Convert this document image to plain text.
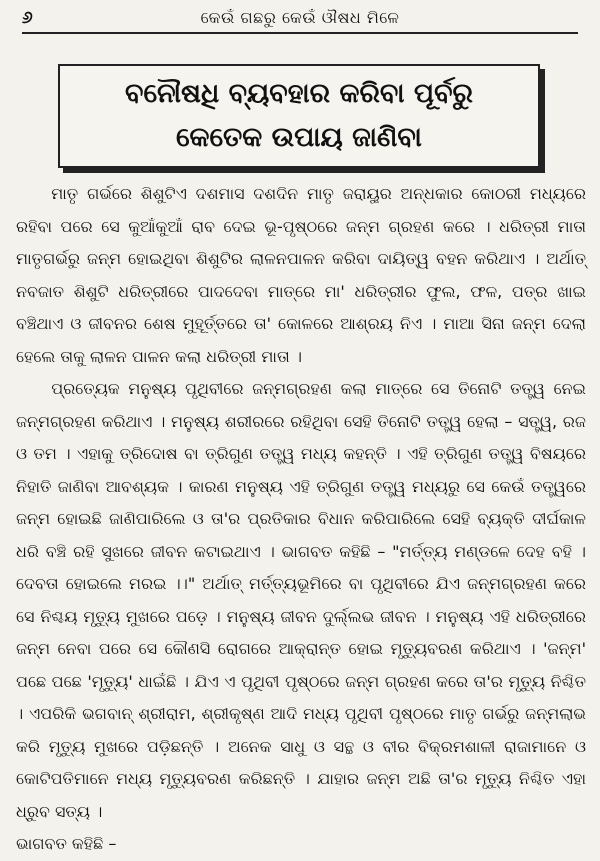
୬	କେଉଁ ଗଛରୁ କେଉଁ ଔଷଧ ମିଳେ
ବନୌଷଧି ବ୍ୟବହାର କରିବା ପୂର୍ବରୁ
କେତେକ ଉପାୟ ଜାଣିବା

ମାତୃ ଗର୍ଭରେ ଶିଶୁଟିଏ ଦଶମାସ ଦଶଦିନ ମାତୃ ଜରାୟୁର ଅନ୍ଧକାର କୋଠରୀ ମଧ୍ୟରେ ରହିବା ପରେ ସେ କୁଆଁକୁଆଁ ରାବ ଦେଇ ଭୂ-ପୃଷ୍ଠରେ ଜନ୍ମ ଗ୍ରହଣ କରେ । ଧରିତ୍ରୀ ମାତା ମାତୃଗର୍ଭରୁ ଜନ୍ମ ହୋଇଥିବା ଶିଶୁଟିର ଲାଳନପାଳନ କରିବା ଦାୟିତ୍ୱ ବହନ କରିଥାଏ । ଅର୍ଥାତ୍ ନବଜାତ ଶିଶୁଟି ଧରିତ୍ରୀରେ ପାଦଦେବା ମାତ୍ରେ ମା' ଧରିତ୍ରୀର ଫୁଲ, ଫଳ, ପତ୍ର ଖାଇ ବଞ୍ଚିଥାଏ ଓ ଜୀବନର ଶେଷ ମୁହୂର୍ତ୍ତରେ ତା' କୋଳରେ ଆଶ୍ରୟ ନିଏ । ମାଆ ସିନା ଜନ୍ମ ଦେଲା ହେଲେ ତାକୁ ଲାଳନ ପାଳନ କଲା ଧରିତ୍ରୀ ମାତା ।

ପ୍ରତ୍ୟେକ ମନୁଷ୍ୟ ପୃଥିବୀରେ ଜନ୍ମଗ୍ରହଣ କଲା ମାତ୍ରେ ସେ ତିନୋଟି ତତ୍ତ୍ୱ ନେଇ ଜନ୍ମଗ୍ରହଣ କରିଥାଏ । ମନୁଷ୍ୟ ଶରୀରରେ ରହିଥିବା ସେହି ତିନୋଟି ତତ୍ତ୍ୱ ହେଲା – ସତ୍ତ୍ୱ, ରଜ ଓ ତମ । ଏହାକୁ ତ୍ରିଦୋଷ ବା ତ୍ରିଗୁଣ ତତ୍ତ୍ୱ ମଧ୍ୟ କହନ୍ତି । ଏହି ତ୍ରିଗୁଣ ତତ୍ତ୍ୱ ବିଷୟରେ ନିହାତି ଜାଣିବା ଆବଶ୍ୟକ । କାରଣ ମନୁଷ୍ୟ ଏହି ତ୍ରିଗୁଣ ତତ୍ତ୍ୱ ମଧ୍ୟରୁ ସେ କେଉଁ ତତ୍ତ୍ୱରେ ଜନ୍ମ ହୋଇଛି ଜାଣିପାରିଲେ ଓ ତା'ର ପ୍ରତିକାର ବିଧାନ କରିପାରିଲେ ସେହି ବ୍ୟକ୍ତି ଦୀର୍ଘକାଳ ଧରି ବଞ୍ଚି ରହି ସୁଖରେ ଜୀବନ କଟାଇଥାଏ । ଭାଗବତ କହିଛି – "ମର୍ତ୍ତ୍ୟ ମଣ୍ଡଳେ ଦେହ ବହି । ଦେବତା ହୋଇଲେ ମରଇ ।।" ଅର୍ଥାତ୍ ମର୍ତ୍ତ୍ୟଭୂମିରେ ବା ପୃଥିବୀରେ ଯିଏ ଜନ୍ମଗ୍ରହଣ କରେ ସେ ନିଶ୍ଚୟ ମୃତ୍ୟୁ ମୁଖରେ ପଡ଼େ । ମନୁଷ୍ୟ ଜୀବନ ଦୁର୍ଲ୍ଲଭ ଜୀବନ । ମନୁଷ୍ୟ ଏହି ଧରିତ୍ରୀରେ ଜନ୍ମ ନେବା ପରେ ସେ କୌଣସି ରୋଗରେ ଆକ୍ରାନ୍ତ ହୋଇ ମୃତ୍ୟୁବରଣ କରିଥାଏ । 'ଜନ୍ମ' ପଛେ ପଛେ 'ମୃତ୍ୟୁ' ଧାଇଁଛି । ଯିଏ ଏ ପୃଥିବୀ ପୃଷ୍ଠରେ ଜନ୍ମ ଗ୍ରହଣ କରେ ତା'ର ମୃତ୍ୟୁ ନିଶ୍ଚିତ । ଏପରିକି ଭଗବାନ୍ ଶ୍ରୀରାମ, ଶ୍ରୀକୃଷ୍ଣ ଆଦି ମଧ୍ୟ ପୃଥିବୀ ପୃଷ୍ଠରେ ମାତୃ ଗର୍ଭରୁ ଜନ୍ମଲାଭ କରି ମୃତ୍ୟୁ ମୁଖରେ ପଡ଼ିଛନ୍ତି । ଅନେକ ସାଧୁ ଓ ସନ୍ଥ ଓ ବୀର ବିକ୍ରମଶାଳୀ ରାଜାମାନେ ଓ କୋଟିପତିମାନେ ମଧ୍ୟ ମୃତ୍ୟୁବରଣ କରିଛନ୍ତି । ଯାହାର ଜନ୍ମ ଅଛି ତା'ର ମୃତ୍ୟୁ ନିଶ୍ଚିତ ଏହା ଧ୍ରୁବ ସତ୍ୟ ।

ଭାଗବତ କହିଛି –
